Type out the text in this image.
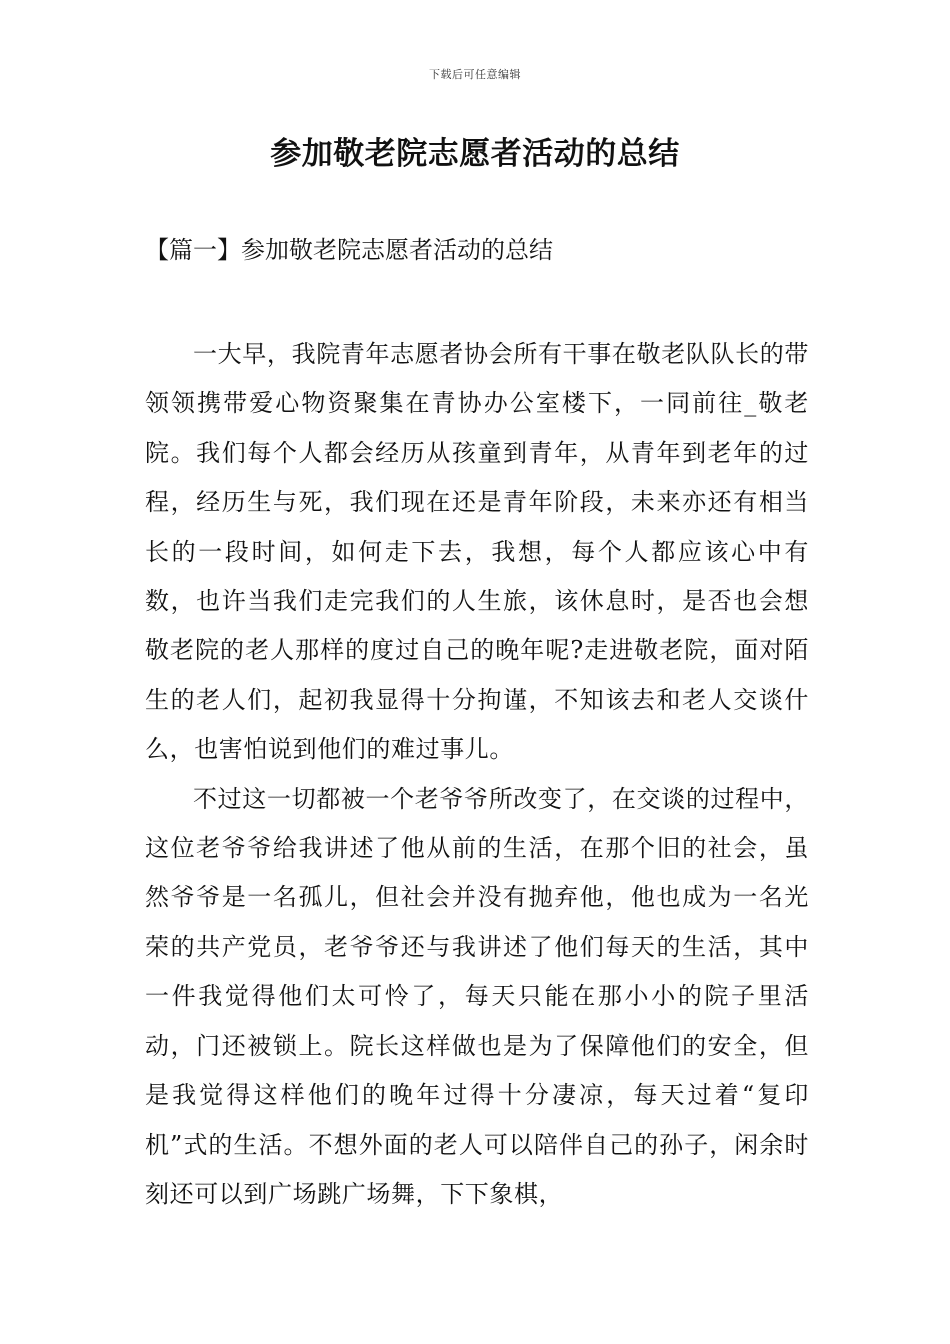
下载后可任意编辑
参加敬老院志愿者活动的总结
【篇一】参加敬老院志愿者活动的总结

一大早，我院青年志愿者协会所有干事在敬老队队长的带领领携带爱心物资聚集在青协办公室楼下，一同前往_敬老院。我们每个人都会经历从孩童到青年，从青年到老年的过程，经历生与死，我们现在还是青年阶段，未来亦还有相当长的一段时间，如何走下去，我想，每个人都应该心中有数，也许当我们走完我们的人生旅，该休息时，是否也会想敬老院的老人那样的度过自己的晚年呢?走进敬老院，面对陌生的老人们，起初我显得十分拘谨，不知该去和老人交谈什么，也害怕说到他们的难过事儿。

不过这一切都被一个老爷爷所改变了，在交谈的过程中，这位老爷爷给我讲述了他从前的生活，在那个旧的社会，虽然爷爷是一名孤儿，但社会并没有抛弃他，他也成为一名光荣的共产党员，老爷爷还与我讲述了他们每天的生活，其中一件我觉得他们太可怜了，每天只能在那小小的院子里活动，门还被锁上。院长这样做也是为了保障他们的安全，但是我觉得这样他们的晚年过得十分凄凉，每天过着“复印机”式的生活。不想外面的老人可以陪伴自己的孙子，闲余时刻还可以到广场跳广场舞，下下象棋，
